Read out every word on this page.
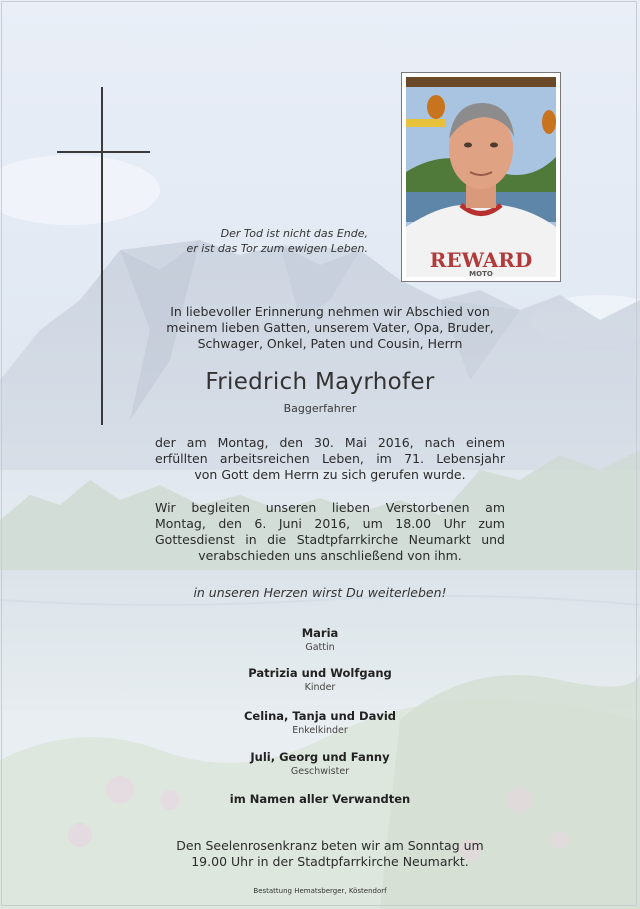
Der Tod ist nicht das Ende,
er ist das Tor zum ewigen Leben.	REWARD
MOTO
In liebevoller Erinnerung nehmen wir Abschied von
meinem lieben Gatten, unserem Vater, Opa, Bruder,
Schwager, Onkel, Paten und Cousin, Herrn
Friedrich Mayrhofer
Baggerfahrer
der am Montag, den 30. Mai 2016, nach einem
erfüllten arbeitsreichen Leben, im 71. Lebensjahr
von Gott dem Herrn zu sich gerufen wurde.
Wir begleiten unseren lieben Verstorbenen am
Montag, den 6. Juni 2016, um 18.00 Uhr zum
Gottesdienst in die Stadtpfarrkirche Neumarkt und
verabschieden uns anschließend von ihm.
in unseren Herzen wirst Du weiterleben!
Maria
Gattin
Patrizia und Wolfgang
Kinder
Celina, Tanja und David
Enkelkinder
Juli, Georg und Fanny
Geschwister
im Namen aller Verwandten
Den Seelenrosenkranz beten wir am Sonntag um
19.00 Uhr in der Stadtpfarrkirche Neumarkt.
Bestattung Hematsberger, Köstendorf
